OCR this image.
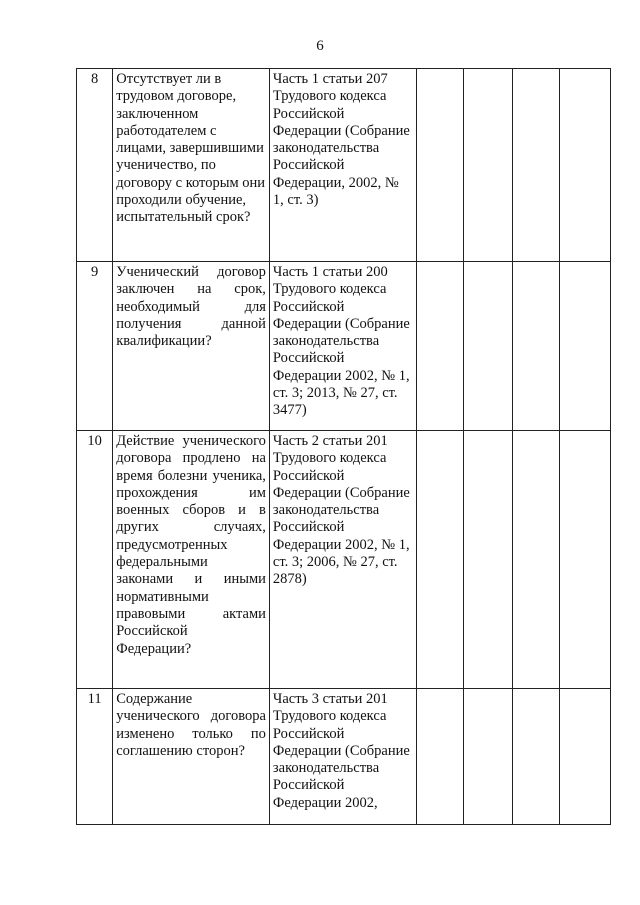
6
8	Отсутствует ли в трудовом договоре, заключенном работодателем с лицами, завершившими ученичество, по договору с которым они проходили обучение, испытательный срок?	Часть 1 статьи 207 Трудового кодекса Российской Федерации (Собрание законодательства Российской Федерации, 2002, № 1, ст. 3)				
9	Ученический договор заключен на срок, необходимый для получения данной квалификации?	Часть 1 статьи 200 Трудового кодекса Российской Федерации (Собрание законодательства Российской Федерации 2002, № 1, ст. 3; 2013, № 27, ст. 3477)				
10	Действие ученического договора продлено на время болезни ученика, прохождения им военных сборов и в других случаях, предусмотренных федеральными законами и иными нормативными правовыми актами Российской Федерации?	Часть 2 статьи 201 Трудового кодекса Российской Федерации (Собрание законодательства Российской Федерации 2002, № 1, ст. 3; 2006, № 27, ст. 2878)				
11	Содержание ученического договора изменено только по соглашению сторон?	Часть 3 статьи 201 Трудового кодекса Российской Федерации (Собрание законодательства Российской Федерации 2002,				
